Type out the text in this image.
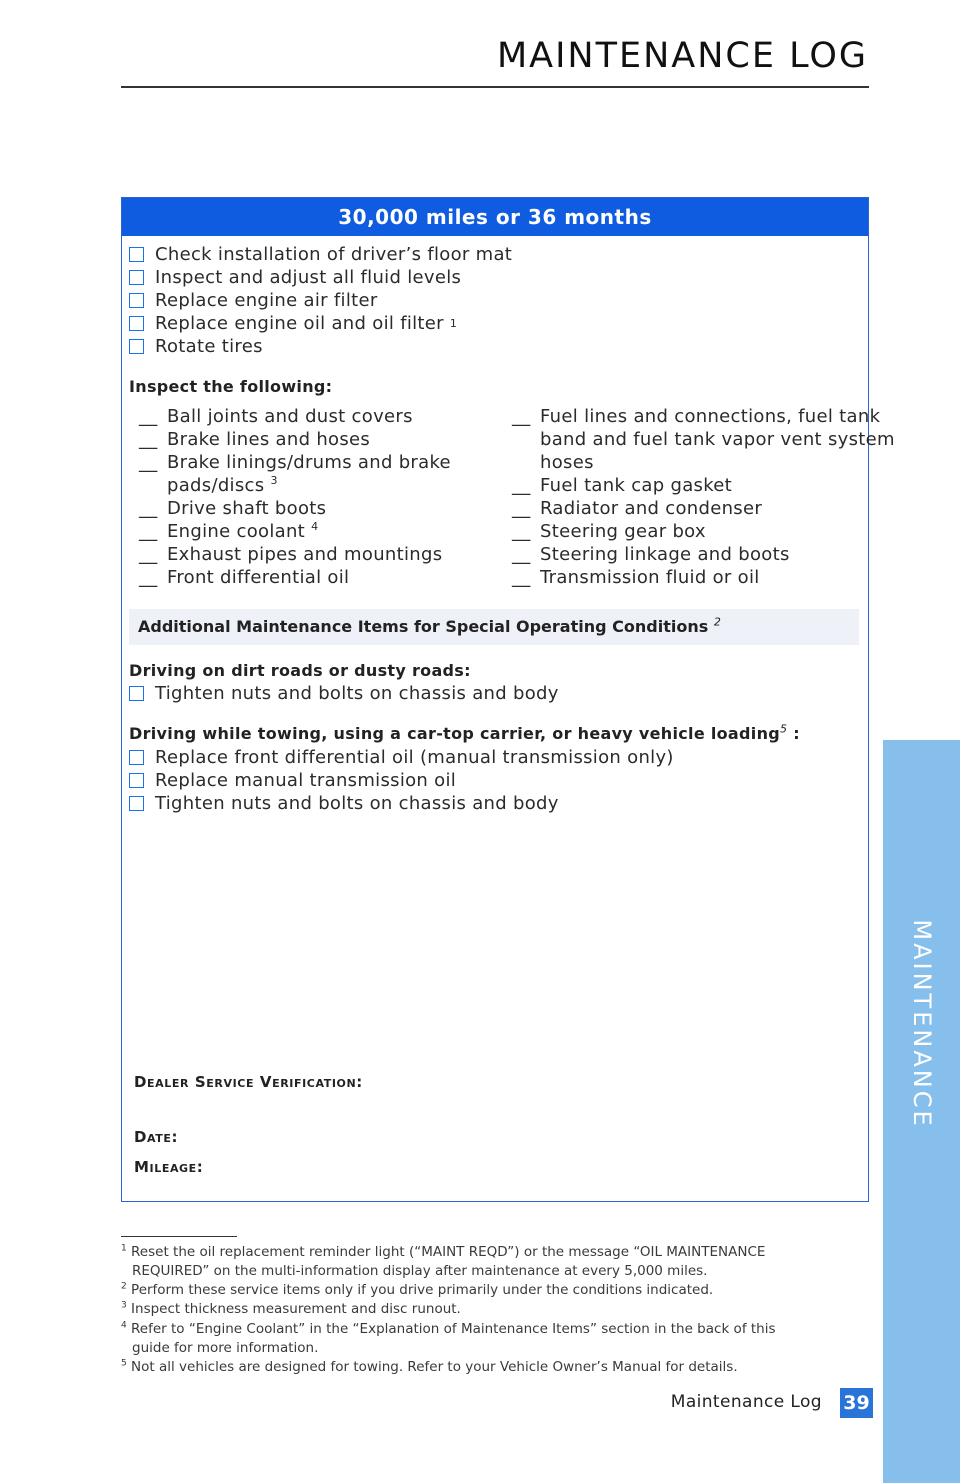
MAINTENANCE LOG
30,000 miles or 36 months
Check installation of driver’s floor mat
Inspect and adjust all fluid levels
Replace engine air filter
Replace engine oil and oil filter
1
Rotate tires
Inspect the following:
__ Ball joints and dust covers
__ Brake lines and hoses
__ Brake linings/drums and brake
pads/discs $^3$
__ Drive shaft boots
__ Engine coolant $^4$
__ Exhaust pipes and mountings
__ Front differential oil
__ Fuel lines and connections, fuel tank
band and fuel tank vapor vent system
hoses
__ Fuel tank cap gasket
__ Radiator and condenser
__ Steering gear box
__ Steering linkage and boots
__ Transmission fluid or oil
Additional Maintenance Items for Special Operating Conditions $^2$
Driving on dirt roads or dusty roads:
Tighten nuts and bolts on chassis and body
Driving while towing, using a car-top carrier, or heavy vehicle loading$^5$ :
Replace front differential oil (manual transmission only)
Replace manual transmission oil
Tighten nuts and bolts on chassis and body
Dealer Service Verification:
Date:
Mileage:
$^1$ Reset the oil replacement reminder light (“MAINT REQD”) or the message “OIL MAINTENANCE
REQUIRED” on the multi-information display after maintenance at every 5,000 miles.
$^2$ Perform these service items only if you drive primarily under the conditions indicated.
$^3$ Inspect thickness measurement and disc runout.
$^4$ Refer to “Engine Coolant” in the “Explanation of Maintenance Items” section in the back of this
guide for more information.
$^5$ Not all vehicles are designed for towing. Refer to your Vehicle Owner’s Manual for details.
MAINTENANCE
Maintenance Log 39
